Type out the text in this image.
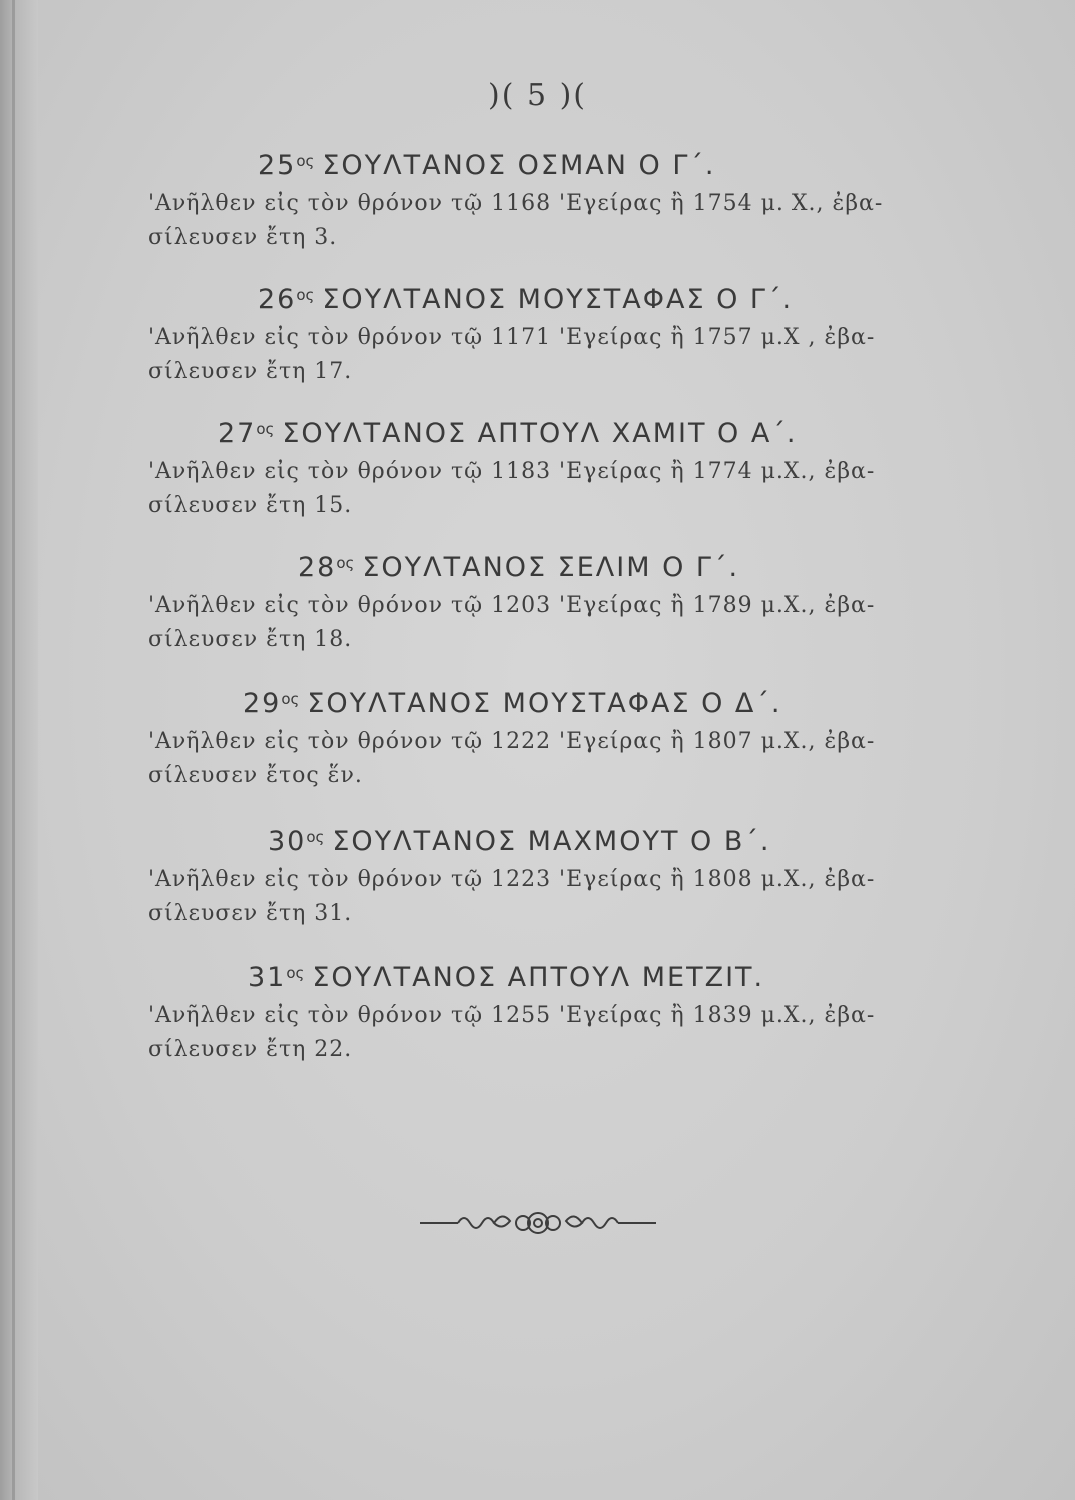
)( 5 )(
$25^{o\varsigma}$ ΣΟΥΛΤΑΝΟΣ ΟΣΜΑΝ Ο Γ΄.
'Ανῆλθεν εἰς τὸν θρόνον τῷ 1168 'Εγείρας ἢ 1754 μ. Χ., ἐβα-
σίλευσεν ἔτη 3.
$26^{o\varsigma}$ ΣΟΥΛΤΑΝΟΣ ΜΟΥΣΤΑΦΑΣ Ο Γ΄.
'Ανῆλθεν εἰς τὸν θρόνον τῷ 1171 'Εγείρας ἢ 1757 μ.Χ , ἐβα-
σίλευσεν ἔτη 17.
$27^{o\varsigma}$ ΣΟΥΛΤΑΝΟΣ ΑΠΤΟΥΛ ΧΑΜΙΤ Ο Α΄.
'Ανῆλθεν εἰς τὸν θρόνον τῷ 1183 'Εγείρας ἢ 1774 μ.Χ., ἐβα-
σίλευσεν ἔτη 15.
$28^{o\varsigma}$ ΣΟΥΛΤΑΝΟΣ ΣΕΛΙΜ Ο Γ΄.
'Ανῆλθεν εἰς τὸν θρόνον τῷ 1203 'Εγείρας ἢ 1789 μ.Χ., ἐβα-
σίλευσεν ἔτη 18.
$29^{o\varsigma}$ ΣΟΥΛΤΑΝΟΣ ΜΟΥΣΤΑΦΑΣ Ο Δ΄.
'Ανῆλθεν εἰς τὸν θρόνον τῷ 1222 'Εγείρας ἢ 1807 μ.Χ., ἐβα-
σίλευσεν ἔτος ἕν.
$30^{o\varsigma}$ ΣΟΥΛΤΑΝΟΣ ΜΑΧΜΟΥΤ Ο Β΄.
'Ανῆλθεν εἰς τὸν θρόνον τῷ 1223 'Εγείρας ἢ 1808 μ.Χ., ἐβα-
σίλευσεν ἔτη 31.
$31^{o\varsigma}$ ΣΟΥΛΤΑΝΟΣ ΑΠΤΟΥΛ ΜΕΤΖΙΤ.
'Ανῆλθεν εἰς τὸν θρόνον τῷ 1255 'Εγείρας ἢ 1839 μ.Χ., ἐβα-
σίλευσεν ἔτη 22.
